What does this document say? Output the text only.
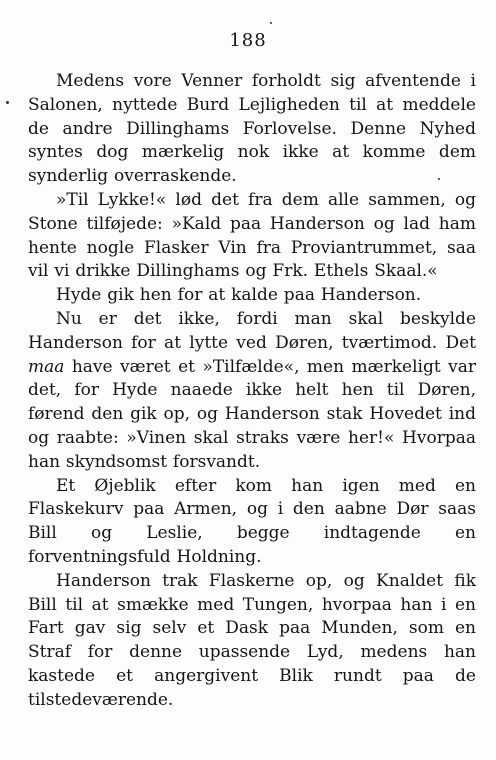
188

Medens vore Venner forholdt sig afventende i Salonen, nyttede Burd Lejligheden til at meddele de andre Dillinghams Forlovelse. Denne Nyhed syntes dog mærkelig nok ikke at komme dem synderlig overraskende.

»Til Lykke!« lød det fra dem alle sammen, og Stone tilføjede: »Kald paa Handerson og lad ham hente nogle Flasker Vin fra Proviantrummet, saa vil vi drikke Dillinghams og Frk. Ethels Skaal.«

Hyde gik hen for at kalde paa Handerson.

Nu er det ikke, fordi man skal beskylde Handerson for at lytte ved Døren, tværtimod. Det maa have været et »Tilfælde«, men mærkeligt var det, for Hyde naaede ikke helt hen til Døren, førend den gik op, og Handerson stak Hovedet ind og raabte: »Vinen skal straks være her!« Hvorpaa han skyndsomst forsvandt.

Et Øjeblik efter kom han igen med en Flaskekurv paa Armen, og i den aabne Dør saas Bill og Leslie, begge indtagende en forventningsfuld Holdning.

Handerson trak Flaskerne op, og Knaldet fik Bill til at smække med Tungen, hvorpaa han i en Fart gav sig selv et Dask paa Munden, som en Straf for denne upassende Lyd, medens han kastede et angergivent Blik rundt paa de tilstedeværende.
